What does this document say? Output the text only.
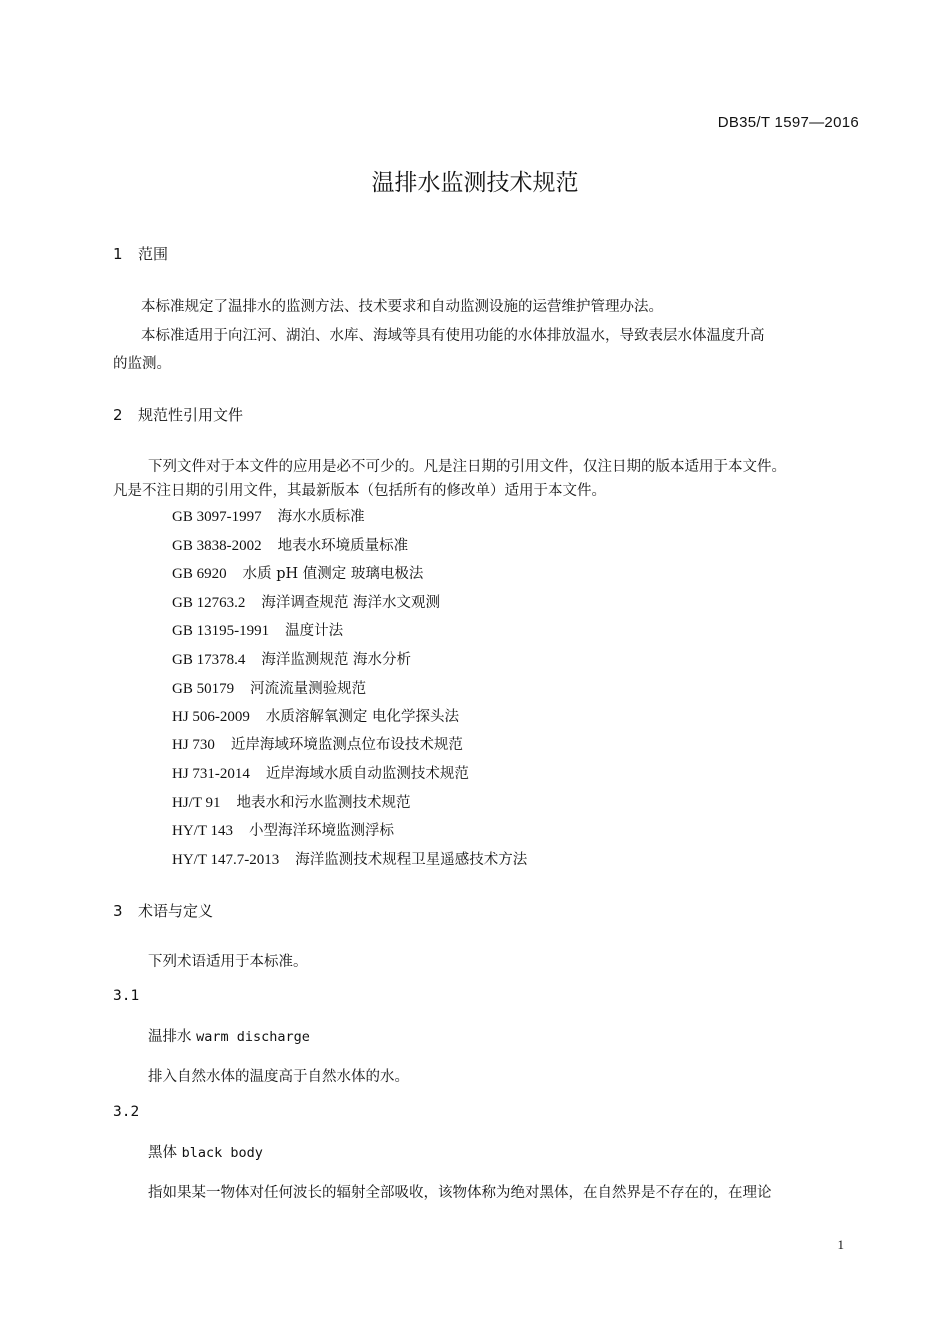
DB35/T 1597—2016
温排水监测技术规范
1 范围
本标准规定了温排水的监测方法、技术要求和自动监测设施的运营维护管理办法。
本标准适用于向江河、湖泊、水库、海域等具有使用功能的水体排放温水，导致表层水体温度升高
的监测。
2 规范性引用文件
下列文件对于本文件的应用是必不可少的。凡是注日期的引用文件，仅注日期的版本适用于本文件。
凡是不注日期的引用文件，其最新版本（包括所有的修改单）适用于本文件。
GB 3097-1997 海水水质标准
GB 3838-2002 地表水环境质量标准
GB 6920 水质 pH 值测定 玻璃电极法
GB 12763.2 海洋调查规范 海洋水文观测
GB 13195-1991 温度计法
GB 17378.4 海洋监测规范 海水分析
GB 50179 河流流量测验规范
HJ 506-2009 水质溶解氧测定 电化学探头法
HJ 730 近岸海域环境监测点位布设技术规范
HJ 731-2014 近岸海域水质自动监测技术规范
HJ/T 91 地表水和污水监测技术规范
HY/T 143 小型海洋环境监测浮标
HY/T 147.7-2013 海洋监测技术规程卫星遥感技术方法
3 术语与定义
下列术语适用于本标准。
3.1
温排水 warm discharge
排入自然水体的温度高于自然水体的水。
3.2
黑体 black body
指如果某一物体对任何波长的辐射全部吸收，该物体称为绝对黑体，在自然界是不存在的，在理论
1
